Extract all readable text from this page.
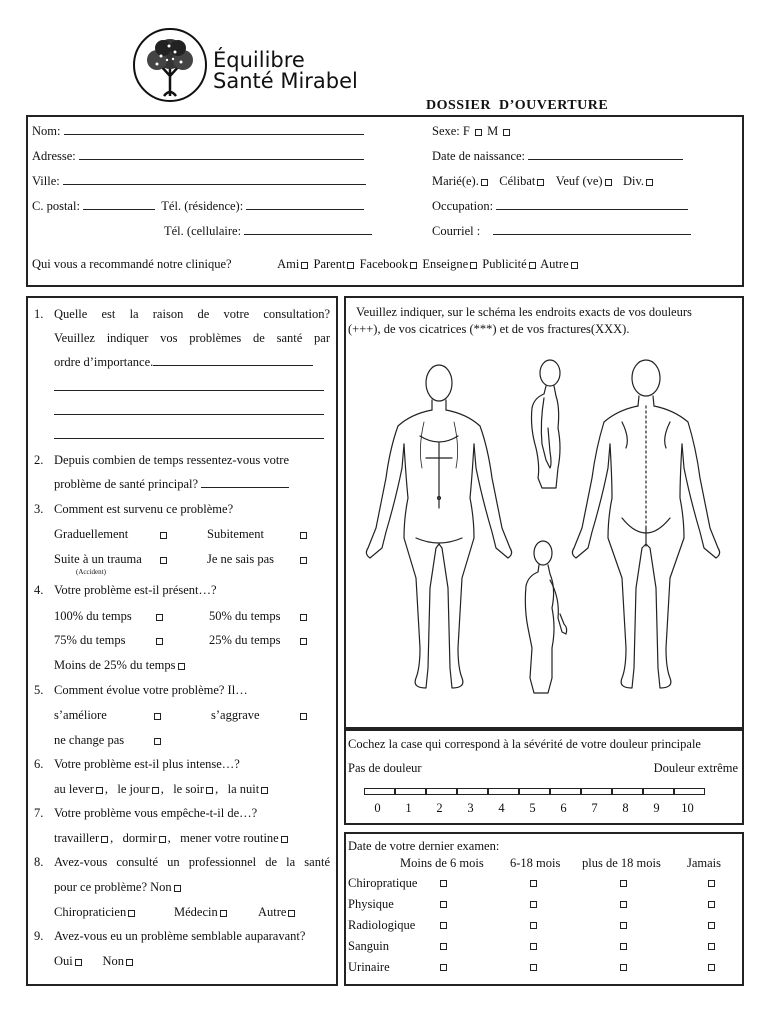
Équilibre
Santé Mirabel
DOSSIER  D’OUVERTURE
Nom:
Adresse:
Ville:
C. postal:	Tél. (résidence):
Tél. (cellulaire:
Sexe: F M
Date de naissance:
Marié(e). Célibat Veuf (ve) Div.
Occupation:
Courriel :
Qui vous a recommandé notre clinique?	Ami Parent Facebook Enseigne Publicité Autre
1. Quelle est la raison de votre consultation?
Veuillez indiquer vos problèmes de santé par
ordre d’importance.
2. Depuis combien de temps ressentez-vous votre
problème de santé principal?
3. Comment est survenu ce problème?
Graduellement	Subitement
Suite à un trauma
(Accident)
Je ne sais pas
4. Votre problème est-il présent…?
100% du temps	50% du temps
75% du temps	25% du temps
Moins de 25% du temps
5. Comment évolue votre problème? Il…
s’améliore	s’aggrave
ne change pas
6. Votre problème est-il plus intense…?
au lever ,   le jour ,   le soir ,   la nuit
7. Votre problème vous empêche-t-il de…?
travailler ,   dormir ,   mener votre routine
8. Avez-vous consulté un professionnel de la santé
pour ce problème? Non
Chiropraticien	Médecin	Autre
9. Avez-vous eu un problème semblable auparavant?
Oui Non
Veuillez indiquer, sur le schéma les endroits exacts de vos douleurs
(+++), de vos cicatrices (***) et de vos fractures(XXX).
Cochez la case qui correspond à la sévérité de votre douleur principale
Pas de douleur	Douleur extrême
0 1 2 3 4 5 6 7 8 9 10
Date de votre dernier examen:
Moins de 6 mois 6-18 mois plus de 18 mois Jamais
Chiropratique
Physique
Radiologique
Sanguin
Urinaire
